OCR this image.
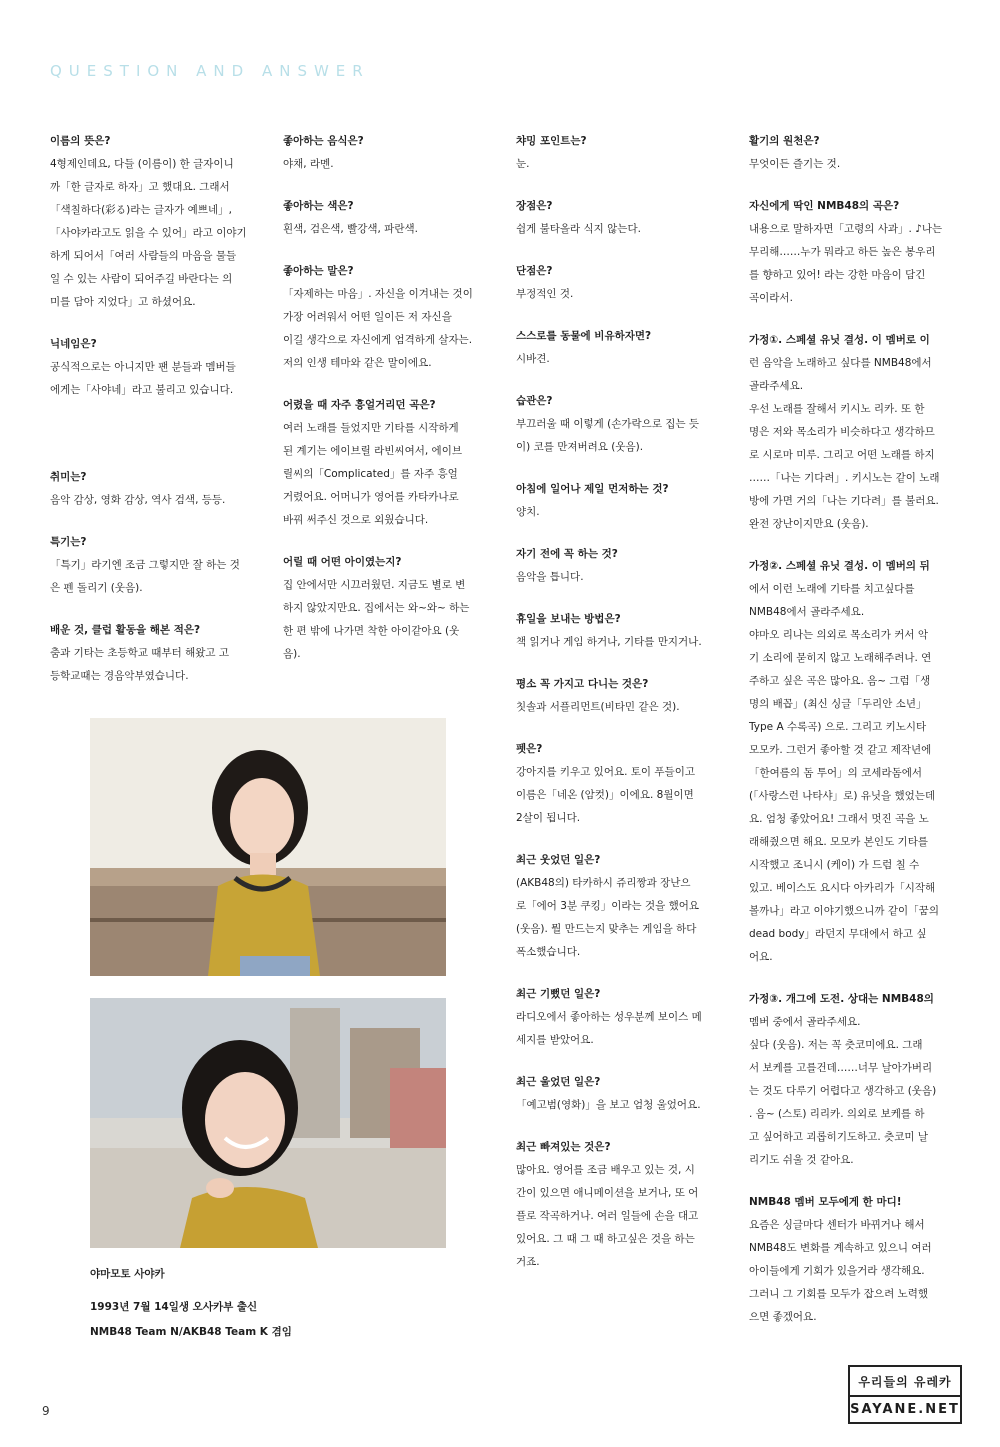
QUESTION AND ANSWER
이름의 뜻은?
4형제인데요, 다들 (이름이) 한 글자이니
까「한 글자로 하자」고 했대요. 그래서
「색칠하다(彩る)라는 글자가 예쁘네」,
「사야카라고도 읽을 수 있어」라고 이야기
하게 되어서「여러 사람들의 마음을 물들
일 수 있는 사람이 되어주길 바란다는 의
미를 담아 지었다」고 하셨어요.
닉네임은?
공식적으로는 아니지만 팬 분들과 멤버들
에게는「사야네」라고 불리고 있습니다.
취미는?
음악 감상, 영화 감상, 역사 검색, 등등.
특기는?
「특기」라기엔 조금 그렇지만 잘 하는 것
은 펜 돌리기 (웃음).
배운 것, 클럽 활동을 해본 적은?
춤과 기타는 초등학교 때부터 해왔고 고
등학교때는 경음악부였습니다.
좋아하는 음식은?
야채, 라멘.
좋아하는 색은?
흰색, 검은색, 빨강색, 파란색.
좋아하는 말은?
「자제하는 마음」. 자신을 이겨내는 것이
가장 어려워서 어떤 일이든 저 자신을
이길 생각으로 자신에게 엄격하게 살자는.
저의 인생 테마와 같은 말이에요.
어렸을 때 자주 흥얼거리던 곡은?
여러 노래를 들었지만 기타를 시작하게
된 계기는 에이브릴 라빈씨여서, 에이브
릴씨의「Complicated」를 자주 흥얼
거렸어요. 어머니가 영어를 카타카나로
바꿔 써주신 것으로 외웠습니다.
어릴 때 어떤 아이였는지?
집 안에서만 시끄러웠던. 지금도 별로 변
하지 않았지만요. 집에서는 와~와~ 하는
한 편 밖에 나가면 착한 아이같아요 (웃
음).
챠밍 포인트는?
눈.
장점은?
쉽게 불타올라 식지 않는다.
단점은?
부정적인 것.
스스로를 동물에 비유하자면?
시바견.
습관은?
부끄러울 때 이렇게 (손가락으로 집는 듯
이) 코를 만져버려요 (웃음).
아침에 일어나 제일 먼저하는 것?
양치.
자기 전에 꼭 하는 것?
음악을 틉니다.
휴일을 보내는 방법은?
책 읽거나 게임 하거나, 기타를 만지거나.
평소 꼭 가지고 다니는 것은?
칫솔과 서플리먼트(비타민 같은 것).
펫은?
강아지를 키우고 있어요. 토이 푸들이고
이름은「네온 (암컷)」이에요. 8월이면
2살이 됩니다.
최근 웃었던 일은?
(AKB48의) 타카하시 쥬리짱과 장난으
로「에어 3분 쿠킹」이라는 것을 했어요
(웃음). 뭘 만드는지 맞추는 게임을 하다
폭소했습니다.
최근 기뻤던 일은?
라디오에서 좋아하는 성우분께 보이스 메
세지를 받았어요.
최근 울었던 일은?
「예고범(영화)」을 보고 엄청 울었어요.
최근 빠져있는 것은?
많아요. 영어를 조금 배우고 있는 것, 시
간이 있으면 애니메이션을 보거나, 또 어
플로 작곡하거나. 여러 일들에 손을 대고
있어요. 그 때 그 때 하고싶은 것을 하는
거죠.
활기의 원천은?
무엇이든 즐기는 것.
자신에게 딱인 NMB48의 곡은?
내용으로 말하자면「고령의 사과」. ♪나는
무리해……누가 뭐라고 하든 높은 봉우리
를 향하고 있어! 라는 강한 마음이 담긴
곡이라서.
가정①. 스페셜 유닛 결성. 이 멤버로 이
런 음악을 노래하고 싶다를 NMB48에서
골라주세요.
우선 노래를 잘해서 키시노 리카. 또 한
명은 저와 목소리가 비슷하다고 생각하므
로 시로마 미루. 그리고 어떤 노래를 하지
……「나는 기다려」. 키시노는 같이 노래
방에 가면 거의「나는 기다려」를 불러요.
완전 장난이지만요 (웃음).
가정②. 스페셜 유닛 결성. 이 멤버의 뒤
에서 이런 노래에 기타를 치고싶다를
NMB48에서 골라주세요.
야마오 리나는 의외로 목소리가 커서 악
기 소리에 묻히지 않고 노래해주려나. 연
주하고 싶은 곡은 많아요. 음~ 그럼「생
명의 배꼽」(최신 싱글「두리안 소년」
Type A 수록곡) 으로. 그리고 키노시타
모모카. 그런거 좋아할 것 같고 제작년에
「한여름의 돔 투어」의 코세라돔에서
(「사랑스런 나타샤」로) 유닛을 했었는데
요. 엄청 좋았어요! 그래서 멋진 곡을 노
래해줬으면 해요. 모모카 본인도 기타를
시작했고 조니시 (케이) 가 드럼 칠 수
있고. 베이스도 요시다 아카리가「시작해
볼까나」라고 이야기했으니까 같이「꿈의
dead body」라던지 무대에서 하고 싶
어요.
가정③. 개그에 도전. 상대는 NMB48의
멤버 중에서 골라주세요.
싶다 (웃음). 저는 꼭 츳코미에요. 그래
서 보케를 고를건데……너무 날아가버리
는 것도 다루기 어렵다고 생각하고 (웃음)
. 음~ (스토) 리리카. 의외로 보케를 하
고 싶어하고 괴롭히기도하고. 츳코미 날
리기도 쉬울 것 같아요.
NMB48 멤버 모두에게 한 마디!
요즘은 싱글마다 센터가 바뀌거나 해서
NMB48도 변화를 계속하고 있으니 여러
아이들에게 기회가 있을거라 생각해요.
그러니 그 기회를 모두가 잡으려 노력했
으면 좋겠어요.
야마모토 사야카
1993년 7월 14일생 오사카부 출신
NMB48 Team N/AKB48 Team K 겸임
9
우리들의 유레카
SAYANE.NET
